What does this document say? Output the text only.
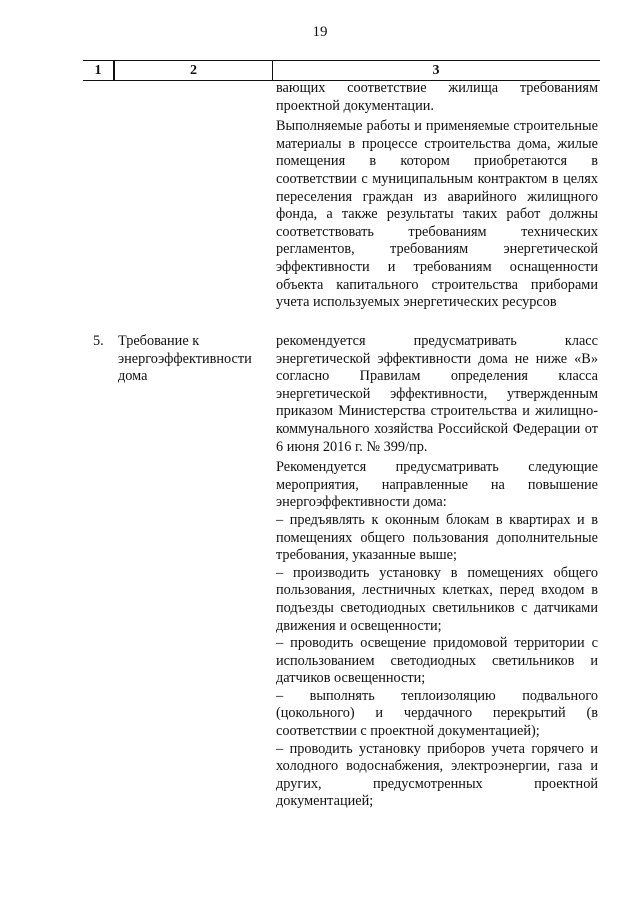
19
1	2	3

вающих соответствие жилища требованиям проектной документации.

Выполняемые работы и применяемые строительные материалы в процессе строительства дома, жилые помещения в котором приобретаются в соответствии с муниципальным контрактом в целях переселения граждан из аварийного жилищного фонда, а также результаты таких работ должны соответствовать требованиям технических регламентов, требованиям энергетической эффективности и требованиям оснащенности объекта капитального строительства приборами учета используемых энергетических ресурсов

5. Требование к энергоэффективности дома

рекомендуется предусматривать класс энергетической эффективности дома не ниже «В» согласно Правилам определения класса энергетической эффективности, утвержденным приказом Министерства строительства и жилищно-коммунального хозяйства Российской Федерации от 6 июня 2016 г. № 399/пр.

Рекомендуется предусматривать следующие мероприятия, направленные на повышение энергоэффективности дома:

– предъявлять к оконным блокам в квартирах и в помещениях общего пользования дополнительные требования, указанные выше;

– производить установку в помещениях общего пользования, лестничных клетках, перед входом в подъезды светодиодных светильников с датчиками движения и освещенности;

– проводить освещение придомовой территории с использованием светодиодных светильников и датчиков освещенности;

– выполнять теплоизоляцию подвального (цокольного) и чердачного перекрытий (в соответствии с проектной документацией);

– проводить установку приборов учета горячего и холодного водоснабжения, электроэнергии, газа и других, предусмотренных проектной документацией;
